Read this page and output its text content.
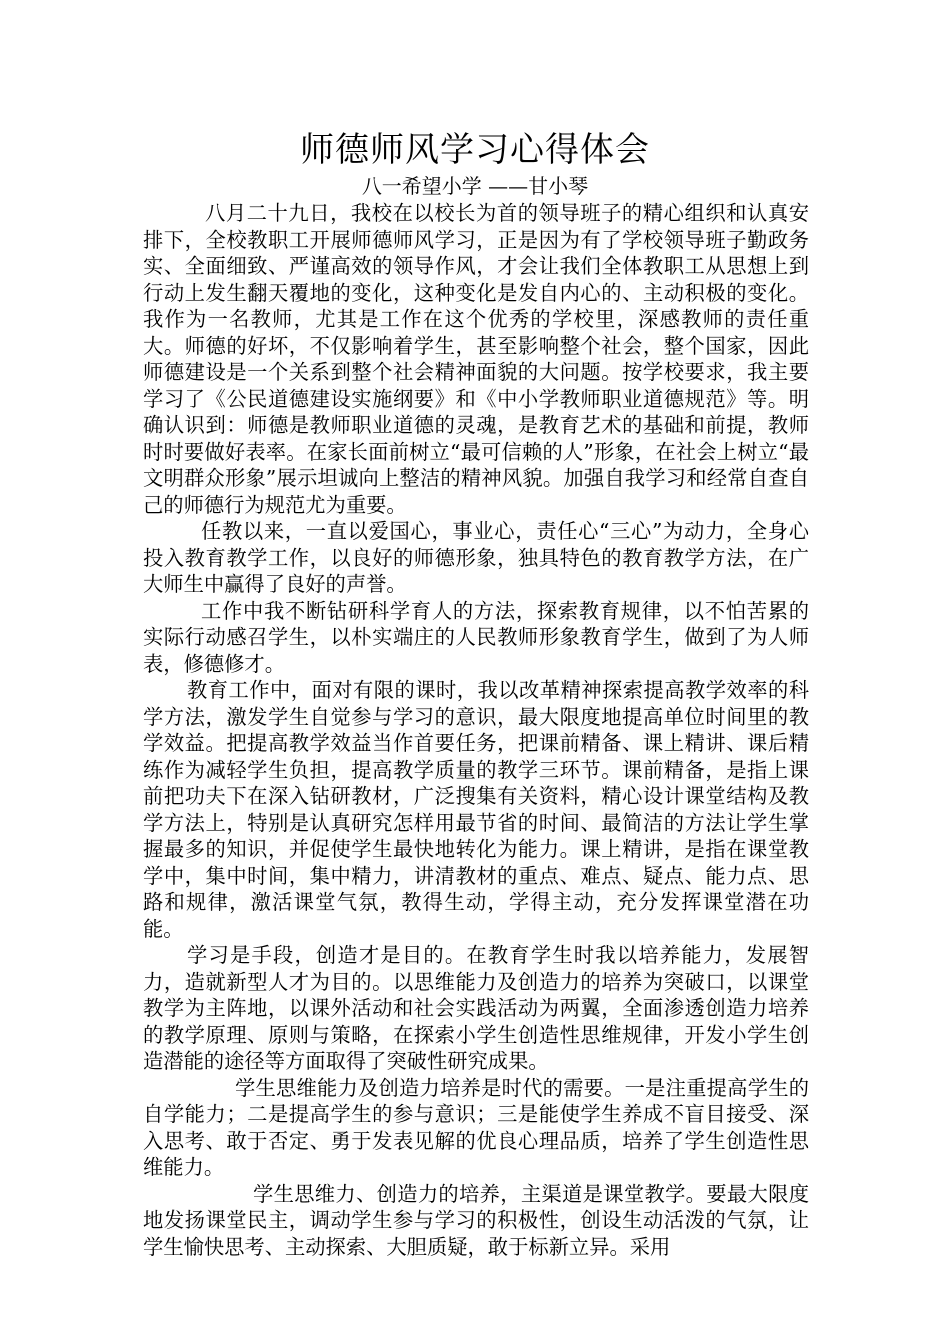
师德师风学习心得体会
八一希望小学 ——甘小琴

八月二十九日，我校在以校长为首的领导班子的精心组织和认真安排下，全校教职工开展师德师风学习，正是因为有了学校领导班子勤政务实、全面细致、严谨高效的领导作风，才会让我们全体教职工从思想上到行动上发生翻天覆地的变化，这种变化是发自内心的、主动积极的变化。我作为一名教师，尤其是工作在这个优秀的学校里，深感教师的责任重大。师德的好坏，不仅影响着学生，甚至影响整个社会，整个国家，因此师德建设是一个关系到整个社会精神面貌的大问题。按学校要求，我主要学习了《公民道德建设实施纲要》和《中小学教师职业道德规范》等。明确认识到：师德是教师职业道德的灵魂，是教育艺术的基础和前提，教师时时要做好表率。在家长面前树立“最可信赖的人”形象，在社会上树立“最文明群众形象”展示坦诚向上整洁的精神风貌。加强自我学习和经常自查自己的师德行为规范尤为重要。

任教以来，一直以爱国心，事业心，责任心“三心”为动力，全身心投入教育教学工作，以良好的师德形象，独具特色的教育教学方法，在广大师生中赢得了良好的声誉。

工作中我不断钻研科学育人的方法，探索教育规律，以不怕苦累的实际行动感召学生，以朴实端庄的人民教师形象教育学生，做到了为人师表，修德修才。

教育工作中，面对有限的课时，我以改革精神探索提高教学效率的科学方法，激发学生自觉参与学习的意识，最大限度地提高单位时间里的教学效益。把提高教学效益当作首要任务，把课前精备、课上精讲、课后精练作为减轻学生负担，提高教学质量的教学三环节。课前精备，是指上课前把功夫下在深入钻研教材，广泛搜集有关资料，精心设计课堂结构及教学方法上，特别是认真研究怎样用最节省的时间、最简洁的方法让学生掌握最多的知识，并促使学生最快地转化为能力。课上精讲，是指在课堂教学中，集中时间，集中精力，讲清教材的重点、难点、疑点、能力点、思路和规律，激活课堂气氛，教得生动，学得主动，充分发挥课堂潜在功能。

学习是手段，创造才是目的。在教育学生时我以培养能力，发展智力，造就新型人才为目的。以思维能力及创造力的培养为突破口，以课堂教学为主阵地，以课外活动和社会实践活动为两翼，全面渗透创造力培养的教学原理、原则与策略，在探索小学生创造性思维规律，开发小学生创造潜能的途径等方面取得了突破性研究成果。

学生思维能力及创造力培养是时代的需要。一是注重提高学生的自学能力；二是提高学生的参与意识；三是能使学生养成不盲目接受、深入思考、敢于否定、勇于发表见解的优良心理品质，培养了学生创造性思维能力。

学生思维力、创造力的培养，主渠道是课堂教学。要最大限度地发扬课堂民主，调动学生参与学习的积极性，创设生动活泼的气氛，让学生愉快思考、主动探索、大胆质疑，敢于标新立异。采用
